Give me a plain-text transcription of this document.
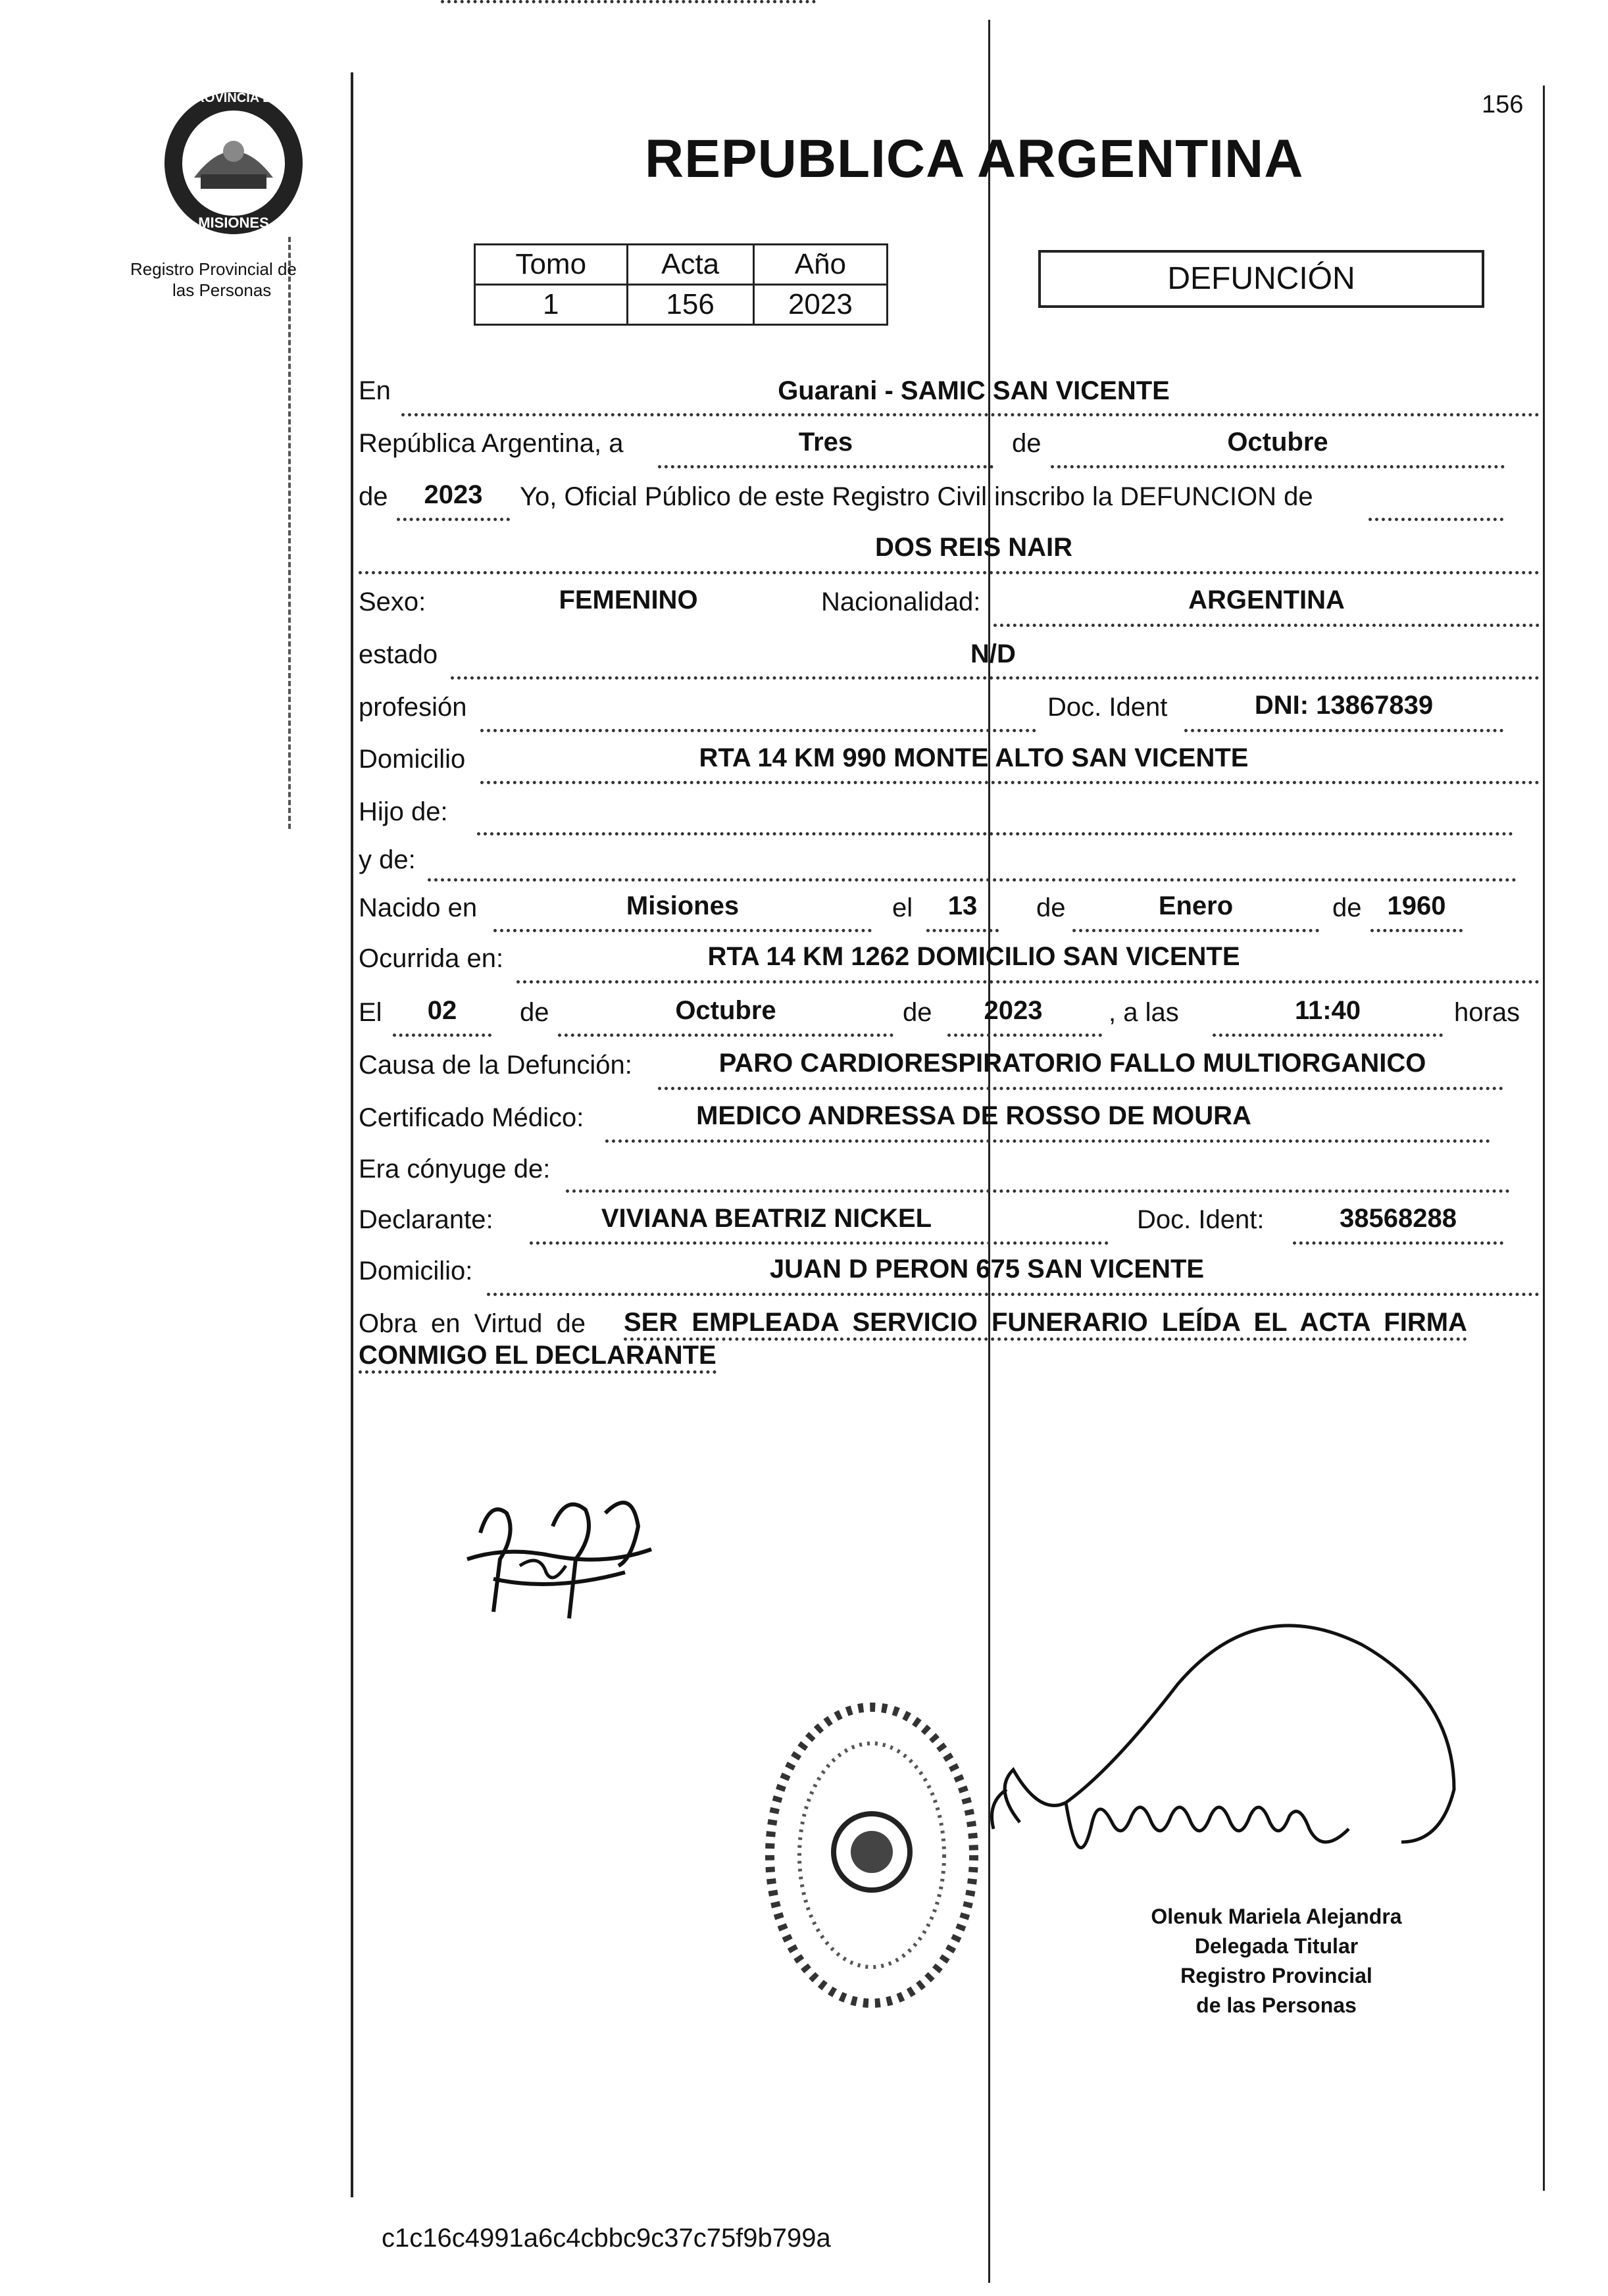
PROVINCIA DE
MISIONES
Registro Provincial de
las Personas
156
REPUBLICA ARGENTINA
Tomo	Acta	Año
1	156	2023
DEFUNCIÓN
En	Guarani - SAMIC SAN VICENTE
República Argentina, a	Tres	de	Octubre
de	2023	Yo, Oficial Público de este Registro Civil inscribo la DEFUNCION de
DOS REIS NAIR
Sexo:	FEMENINO	Nacionalidad:	ARGENTINA
estado	N/D
profesión	Doc. Ident	DNI: 13867839
Domicilio	RTA 14 KM 990 MONTE ALTO SAN VICENTE
Hijo de:
y de:
Nacido en	Misiones	el	13	de	Enero	de 1960
Ocurrida en:	RTA 14 KM 1262 DOMICILIO SAN VICENTE
El	02	de	Octubre	de	2023	, a las	11:40	horas
Causa de la Defunción:	PARO CARDIORESPIRATORIO FALLO MULTIORGANICO
Certificado Médico:	MEDICO ANDRESSA DE ROSSO DE MOURA
Era cónyuge de:
Declarante:	VIVIANA BEATRIZ NICKEL	Doc. Ident:	38568288
Domicilio:	JUAN D PERON 675 SAN VICENTE
Obra en Virtud de SER EMPLEADA SERVICIO FUNERARIO LEÍDA EL ACTA FIRMA
CONMIGO EL DECLARANTE
Olenuk Mariela Alejandra
Delegada Titular
Registro Provincial
de las Personas
c1c16c4991a6c4cbbc9c37c75f9b799a
